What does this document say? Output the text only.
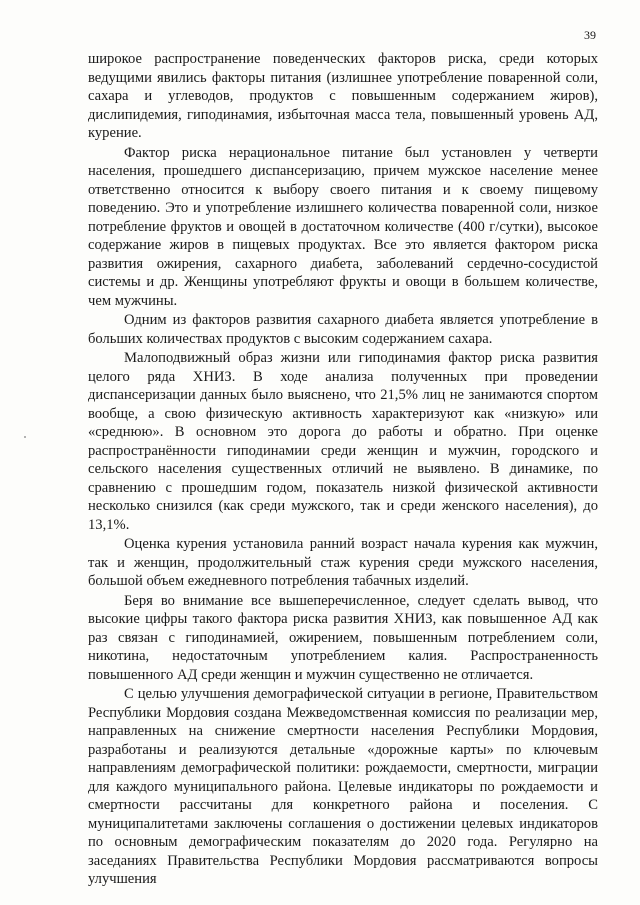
39

широкое распространение поведенческих факторов риска, среди которых ведущими явились факторы питания (излишнее употребление поваренной соли, сахара и углеводов, продуктов с повышенным содержанием жиров), дислипидемия, гиподинамия, избыточная масса тела, повышенный уровень АД, курение.

Фактор риска нерациональное питание был установлен у четверти населения, прошедшего диспансеризацию, причем мужское население менее ответственно относится к выбору своего питания и к своему пищевому поведению. Это и употребление излишнего количества поваренной соли, низкое потребление фруктов и овощей в достаточном количестве (400 г/сутки), высокое содержание жиров в пищевых продуктах. Все это является фактором риска развития ожирения, сахарного диабета, заболеваний сердечно-сосудистой системы и др. Женщины употребляют фрукты и овощи в большем количестве, чем мужчины.

Одним из факторов развития сахарного диабета является употребление в больших количествах продуктов с высоким содержанием сахара.

Малоподвижный образ жизни или гиподинамия фактор риска развития целого ряда ХНИЗ. В ходе анализа полученных при проведении диспансеризации данных было выяснено, что 21,5% лиц не занимаются спортом вообще, а свою физическую активность характеризуют как «низкую» или «среднюю». В основном это дорога до работы и обратно. При оценке распространённости гиподинамии среди женщин и мужчин, городского и сельского населения существенных отличий не выявлено. В динамике, по сравнению с прошедшим годом, показатель низкой физической активности несколько снизился (как среди мужского, так и среди женского населения), до 13,1%.

Оценка курения установила ранний возраст начала курения как мужчин, так и женщин, продолжительный стаж курения среди мужского населения, большой объем ежедневного потребления табачных изделий.

Беря во внимание все вышеперечисленное, следует сделать вывод, что высокие цифры такого фактора риска развития ХНИЗ, как повышенное АД как раз связан с гиподинамией, ожирением, повышенным потреблением соли, никотина, недостаточным употреблением калия. Распространенность повышенного АД среди женщин и мужчин существенно не отличается.

С целью улучшения демографической ситуации в регионе, Правительством Республики Мордовия создана Межведомственная комиссия по реализации мер, направленных на снижение смертности населения Республики Мордовия, разработаны и реализуются детальные «дорожные карты» по ключевым направлениям демографической политики: рождаемости, смертности, миграции для каждого муниципального района. Целевые индикаторы по рождаемости и смертности рассчитаны для конкретного района и поселения. С муниципалитетами заключены соглашения о достижении целевых индикаторов по основным демографическим показателям до 2020 года. Регулярно на заседаниях Правительства Республики Мордовия рассматриваются вопросы улучшения
